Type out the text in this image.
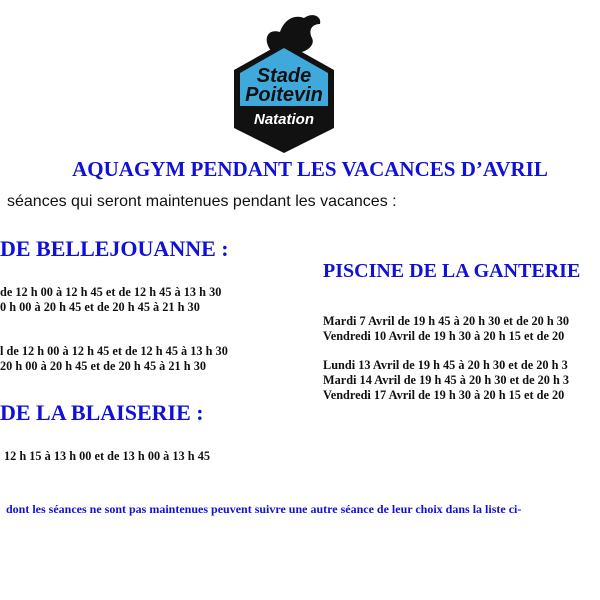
Stade
Poitevin
Natation
AQUAGYM PENDANT LES VACANCES D’AVRIL
séances qui seront maintenues pendant les vacances :
DE BELLEJOUANNE :
de 12 h 00 à 12 h 45 et de 12 h 45 à 13 h 30
0 h 00 à 20 h 45 et de 20 h 45 à 21 h 30
l de 12 h 00 à 12 h 45 et de 12 h 45 à 13 h 30
20 h 00 à 20 h 45 et de 20 h 45 à 21 h 30
DE LA BLAISERIE :
12 h 15 à 13 h 00 et de 13 h 00 à 13 h 45
PISCINE DE LA GANTERIE
Mardi 7 Avril de 19 h 45 à 20 h 30 et de 20 h 30
Vendredi 10 Avril de 19 h 30 à 20 h 15 et de 20
Lundi 13 Avril de 19 h 45 à 20 h 30 et de 20 h 3
Mardi 14 Avril de 19 h 45 à 20 h 30 et de 20 h 3
Vendredi 17 Avril de 19 h 30 à 20 h 15 et de 20
dont les séances ne sont pas maintenues peuvent suivre une autre séance de leur choix dans la liste ci-
